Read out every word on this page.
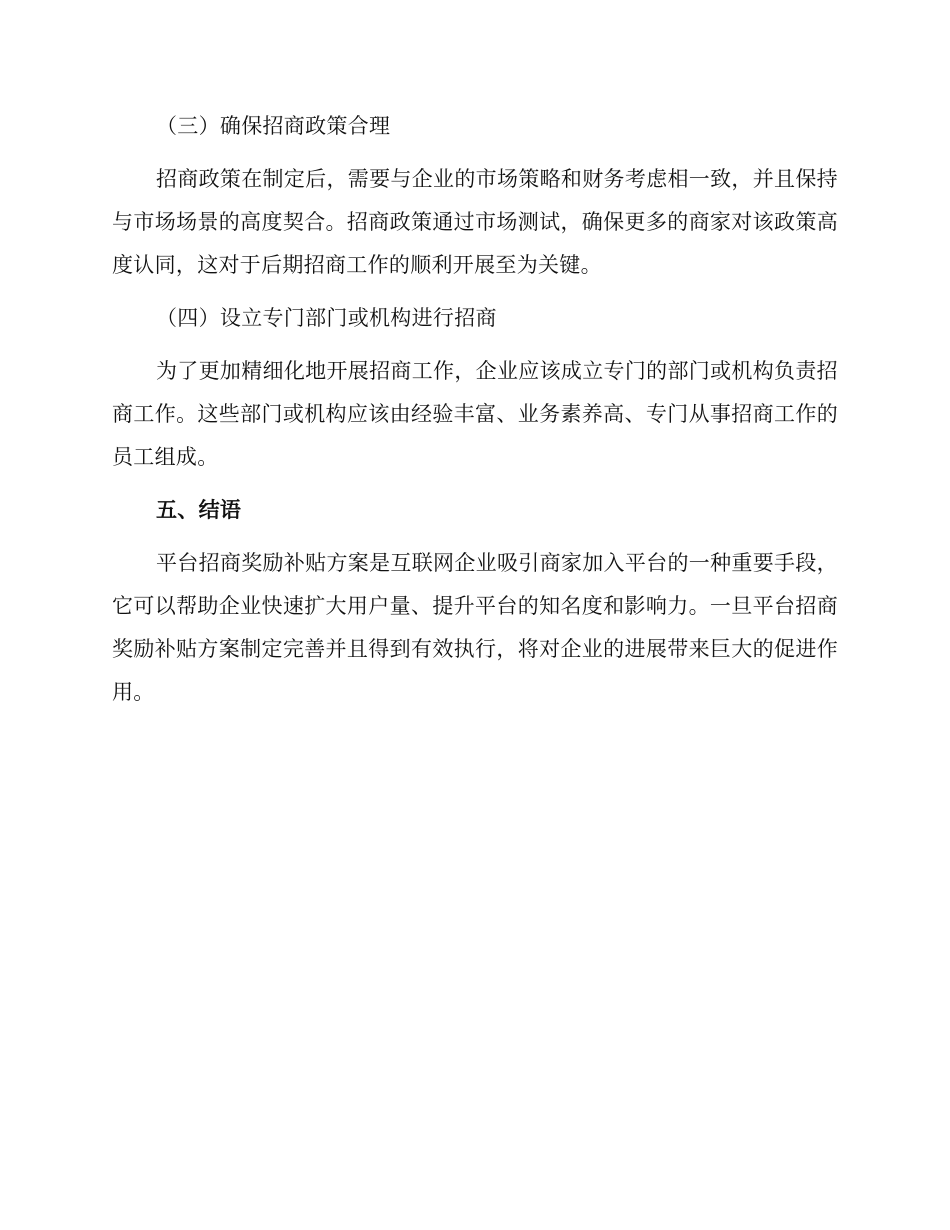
（三）确保招商政策合理

招商政策在制定后，需要与企业的市场策略和财务考虑相一致，并且保持与市场场景的高度契合。招商政策通过市场测试，确保更多的商家对该政策高度认同，这对于后期招商工作的顺利开展至为关键。

（四）设立专门部门或机构进行招商

为了更加精细化地开展招商工作，企业应该成立专门的部门或机构负责招商工作。这些部门或机构应该由经验丰富、业务素养高、专门从事招商工作的员工组成。

五、结语

平台招商奖励补贴方案是互联网企业吸引商家加入平台的一种重要手段，它可以帮助企业快速扩大用户量、提升平台的知名度和影响力。一旦平台招商奖励补贴方案制定完善并且得到有效执行，将对企业的进展带来巨大的促进作用。
